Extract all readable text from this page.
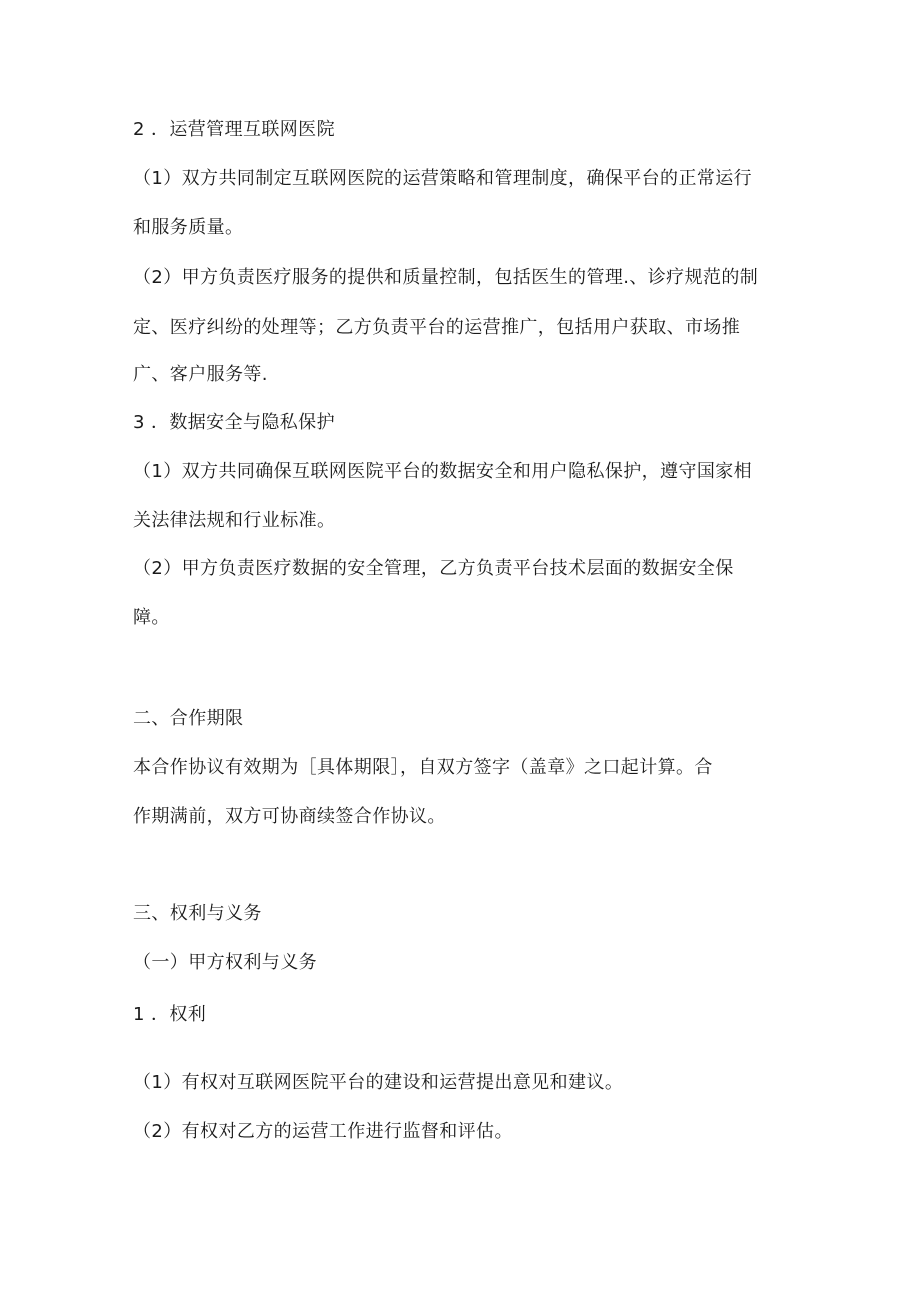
2 ．运营管理互联网医院
（1）双方共同制定互联网医院的运营策略和管理制度，确保平台的正常运行
和服务质量。
（2）甲方负责医疗服务的提供和质量控制，包括医生的管理.、诊疗规范的制
定、医疗纠纷的处理等；乙方负责平台的运营推广，包括用户获取、市场推
广、客户服务等.
3 ．数据安全与隐私保护
（1）双方共同确保互联网医院平台的数据安全和用户隐私保护，遵守国家相
关法律法规和行业标准。
（2）甲方负责医疗数据的安全管理，乙方负责平台技术层面的数据安全保
障。
二、合作期限
本合作协议有效期为［具体期限］，自双方签字（盖章》之口起计算。合
作期满前，双方可协商续签合作协议。
三、权利与义务
（一）甲方权利与义务
1 ．权利
（1）有权对互联网医院平台的建设和运营提出意见和建议。
（2）有权对乙方的运营工作进行监督和评估。
